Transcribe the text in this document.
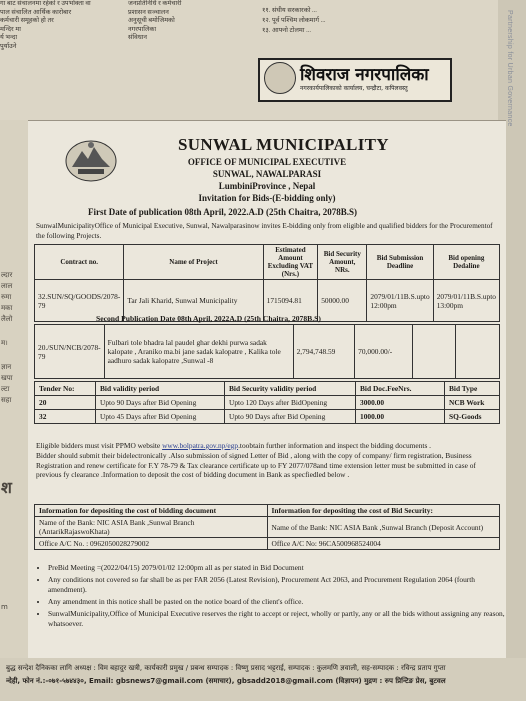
गा बाट संचालनमा रहेको र उपभोक्ता वा

पाल संचालित आर्थिक कारोबार

कर्मचारी समूहको हो तर

मन्दिर मा

र्य भन्दा

पुर्याउने

जनप्रतिनिधि र कर्मचारी

प्रशासन सञ्चालन

अनुसूची बमोजिमको

नगरपालिका

संविधान

११. संघीय सरकारको ...

१२. पूर्व पश्चिम लोकमार्ग ...

१३. आफ्नो टोलमा ...

शिवराज नगरपालिका
नगरकार्यपालिकाको कार्यालय, चन्द्रौटा, कपिलवस्तु	Partnership for Urban Governance
ल्दार
लाल
रुमा
मका
लैलो
म।
ज्ञान
खपा
ल्टा
सहा
श
m
SUNWAL MUNICIPALITY
OFFICE OF MUNICIPAL EXECUTIVE
SUNWAL, NAWALPARASI
LumbiniProvince , Nepal
Invitation for Bids-(E-bidding only)
First Date of publication 08th April, 2022.A.D (25th Chaitra, 2078B.S)
SunwalMunicipalityOffice of Municipal Executive, Sunwal, Nawalparasinow invites E-bidding only from eligible and qualified bidders for the Procurementof the following Projects.
Contract no.	Name of Project	Estimated Amount Excluding VAT (Nrs.)	Bid Security Amount, NRs.	Bid Submission Deadline	Bid opening Dedaline
32.SUN/SQ/GOODS/2078-79	Tar Jali Kharid, Sunwal Municipality	1715094.81	50000.00	2079/01/11B.S.upto 12:00pm	2079/01/11B.S.upto 13:00pm
Second Publication Date 08th April, 2022A.D (25th Chaitra, 2078B.S)
20./SUN/NCB/2078-79	Fulbari tole bhadra lal paudel ghar dekhi purwa sadak kalopate , Araniko ma.bi jane sadak kalopatre , Kalika tole aadhuro sadak kalopatre ,Sunwal -8	2,794,748.59	70,000.00/-		
Tender No:	Bid validity period	Bid Security validity period	Bid Doc.FeeNrs.	Bid Type
20	Upto 90 Days after Bid Opening	Upto 120 Days after BidOpening	3000.00	NCB Work
32	Upto 45 Days after Bid Opening	Upto 90 Days after Bid Opening	1000.00	SQ-Goods
Eligible bidders must visit PPMO website www.bolpatra.gov.np/egp.toobtain further information and inspect the bidding documents .
Bidder should submit their bidelectronically .Also submission of signed Letter of Bid , along with the copy of company/ firm registration, Business Registration and renew certificate for F.Y 78-79 & Tax clearance certificate up to FY 2077/078and time extension letter must be submitted in case of previous fy clearance .Information to deposit the cost of bidding document in Bank as specfiedled below .
Information for depositing the cost of bidding document	Information for depositing the cost of Bid Security:
Name of the Bank: NIC ASIA Bank ,Sunwal Branch (AntarikRajaswoKhata)	Name of the Bank: NIC ASIA Bank ,Sunwal Branch (Deposit Account)
Office A/C No. : 0962050028279002	Office A/C No: 96CA500968524004
• PreBid Meeting =(2022/04/15) 2079/01/02 12:00pm all as per stated in Bid Document
• Any conditions not covered so far shall be as per FAR 2056 (Latest Revision), Procurement Act 2063, and Procurement Regulation 2064 (fourth amendment).
• Any amendment in this notice shall be pasted on the notice board of the client's office.
• SunwalMunicipality,Office of Municipal Executive reserves the right to accept or reject, wholly or partly, any or all the bids without assigning any reason, whatsoever.
बुद्ध सन्देश दैनिकका लागि अध्यक्ष : विम बहादुर खत्री, कार्यकारी प्रमुख / प्रबन्ध सम्पादक : विष्णु प्रसाद भट्टराई, सम्पादक : कुलमणि ज्ञवाली, सह-सम्पादक : रविन्द्र प्रताप गुप्ता
न्देही, फोन नं.:-०७१-५७४४३०, Email: gbsnews7@gmail.com (समाचार), gbsadd2018@gmail.com (विज्ञापन) मुद्रण : रुप प्रिन्टिङ प्रेस, बुटवल
